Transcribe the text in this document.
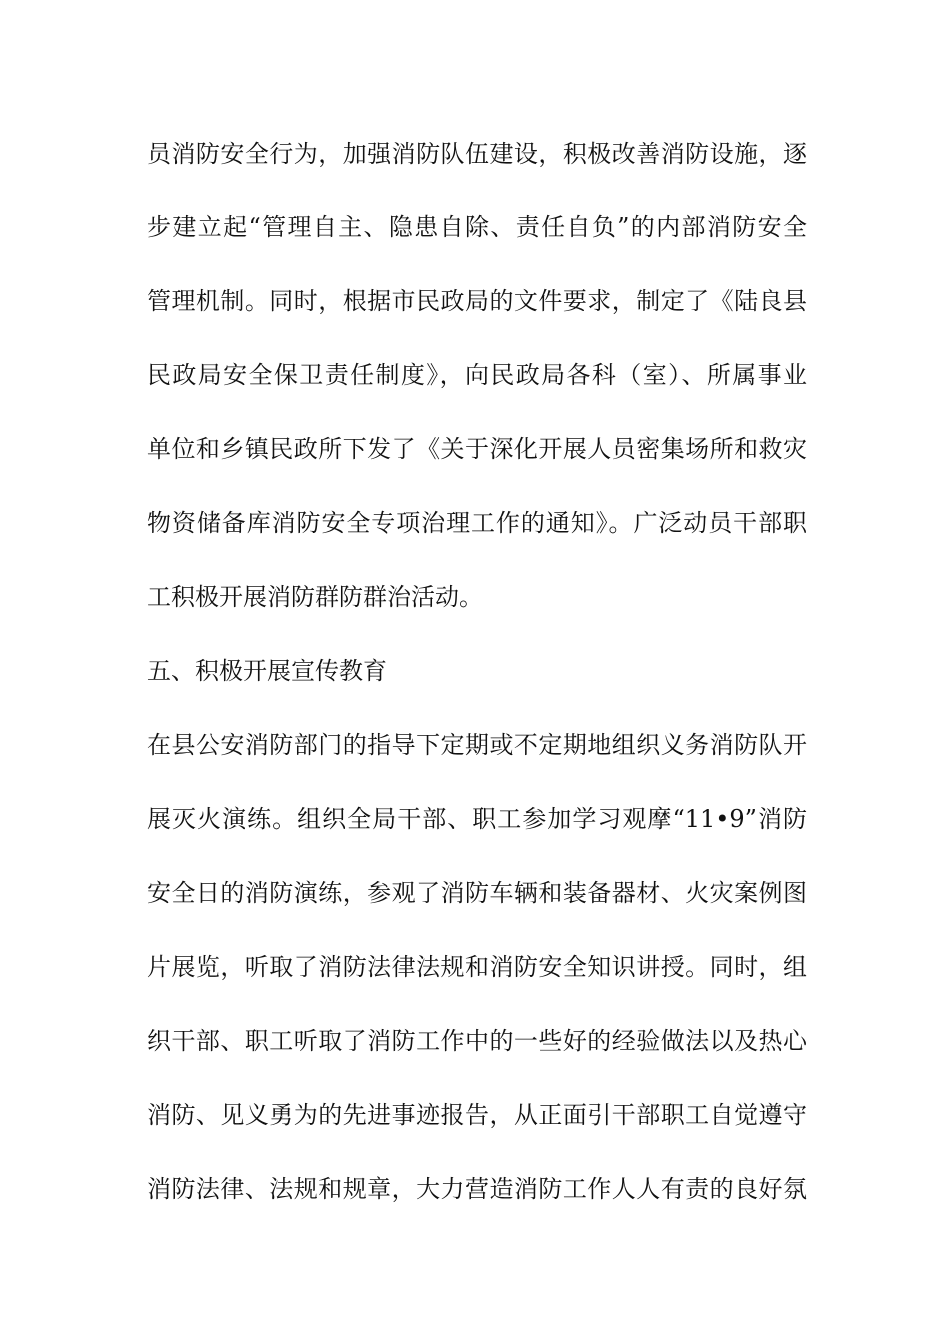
员消防安全行为，加强消防队伍建设，积极改善消防设施，逐
步建立起“管理自主、隐患自除、责任自负”的内部消防安全
管理机制。同时，根据市民政局的文件要求，制定了《陆良县
民政局安全保卫责任制度》，向民政局各科（室）、所属事业
单位和乡镇民政所下发了《关于深化开展人员密集场所和救灾
物资储备库消防安全专项治理工作的通知》。广泛动员干部职
工积极开展消防群防群治活动。
五、积极开展宣传教育
在县公安消防部门的指导下定期或不定期地组织义务消防队开
展灭火演练。组织全局干部、职工参加学习观摩“11•9”消防
安全日的消防演练，参观了消防车辆和装备器材、火灾案例图
片展览，听取了消防法律法规和消防安全知识讲授。同时，组
织干部、职工听取了消防工作中的一些好的经验做法以及热心
消防、见义勇为的先进事迹报告，从正面引干部职工自觉遵守
消防法律、法规和规章，大力营造消防工作人人有责的良好氛
